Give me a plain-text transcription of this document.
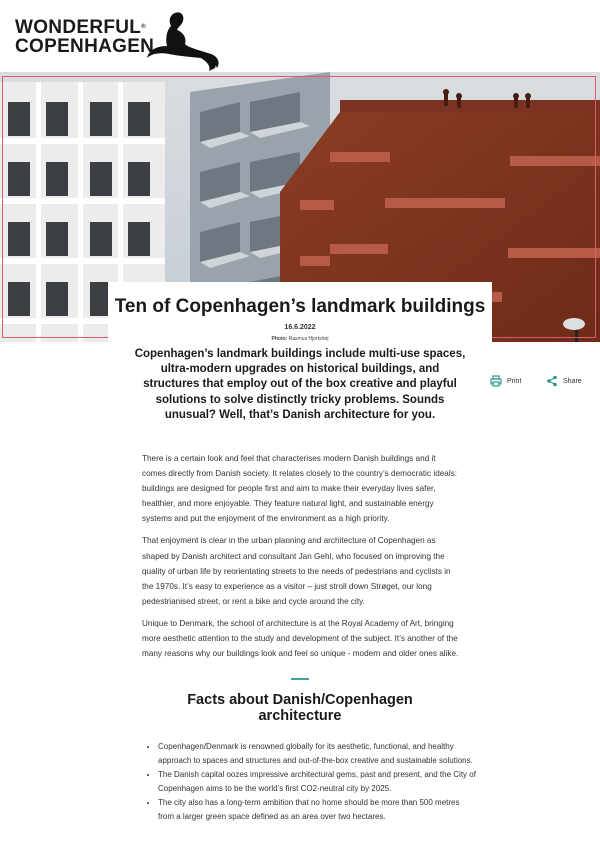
WONDERFUL®
COPENHAGEN
Ten of Copenhagen’s landmark buildings
16.6.2022
Photo: Rasmus Hjortshøj

Copenhagen’s landmark buildings include multi-use spaces, ultra-modern upgrades on historical buildings, and structures that employ out of the box creative and playful solutions to solve distinctly tricky problems. Sounds unusual? Well, that’s Danish architecture for you.

Print	Share

There is a certain look and feel that characterises modern Danish buildings and it comes directly from Danish society. It relates closely to the country’s democratic ideals: buildings are designed for people first and aim to make their everyday lives safer, healthier, and more enjoyable. They feature natural light, and sustainable energy systems and put the enjoyment of the environment as a high priority.

That enjoyment is clear in the urban planning and architecture of Copenhagen as shaped by Danish architect and consultant Jan Gehl, who focused on improving the quality of urban life by reorientating streets to the needs of pedestrians and cyclists in the 1970s. It’s easy to experience as a visitor – just stroll down Strøget, our long pedestrianised street, or rent a bike and cycle around the city.

Unique to Denmark, the school of architecture is at the Royal Academy of Art, bringing more aesthetic attention to the study and development of the subject. It’s another of the many reasons why our buildings look and feel so unique - modern and older ones alike.

Facts about Danish/Copenhagen architecture
• Copenhagen/Denmark is renowned globally for its aesthetic, functional, and healthy approach to spaces and structures and out-of-the-box creative and sustainable solutions.
• The Danish capital oozes impressive architectural gems, past and present, and the City of Copenhagen aims to be the world’s first CO2-neutral city by 2025.
• The city also has a long-term ambition that no home should be more than 500 metres from a larger green space defined as an area over two hectares.
